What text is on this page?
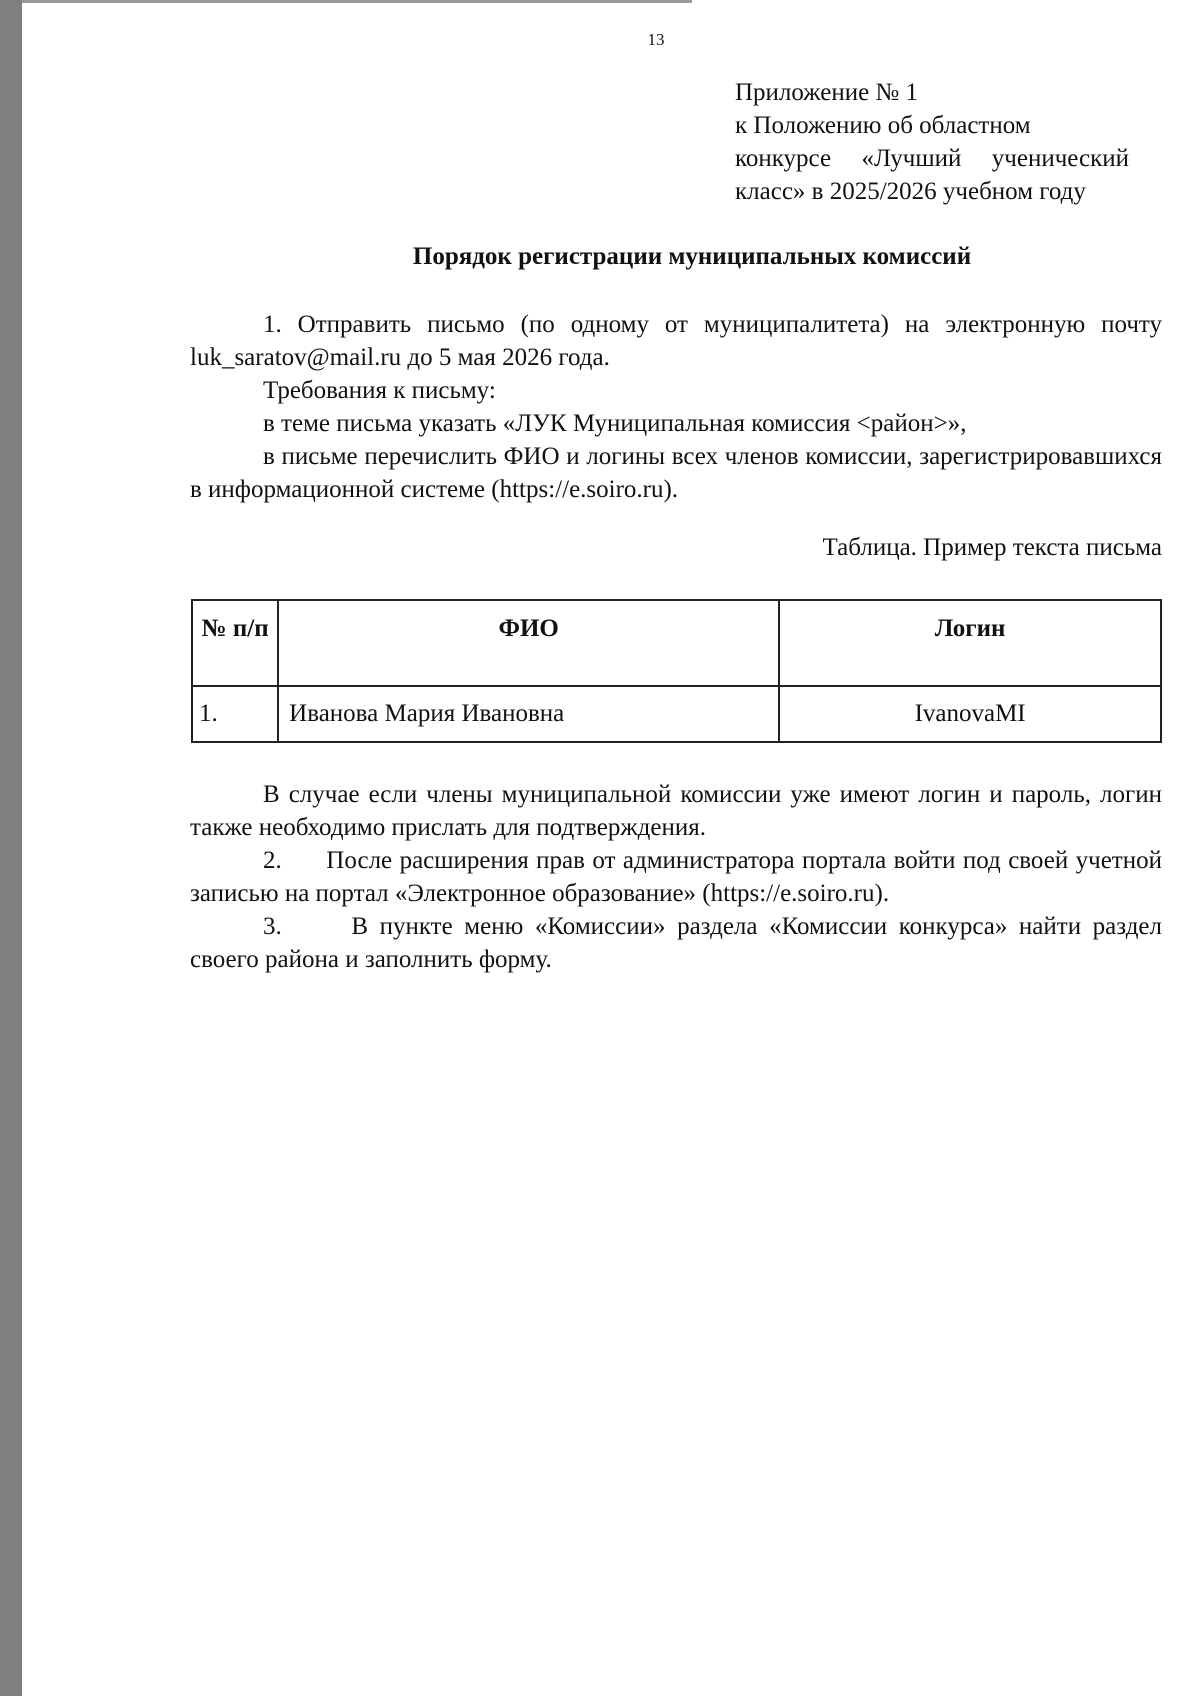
13
Приложение № 1
к Положению об областном
конкурсе «Лучший ученический
класс» в 2025/2026 учебном году
Порядок регистрации муниципальных комиссий

1. Отправить письмо (по одному от муниципалитета) на электронную почту luk_saratov@mail.ru до 5 мая 2026 года.

Требования к письму:

в теме письма указать «ЛУК Муниципальная комиссия <район>»,

в письме перечислить ФИО и логины всех членов комиссии, зарегистрировавшихся в информационной системе (https://e.soiro.ru).

Таблица. Пример текста письма
№ п/п	ФИО	Логин
1.	Иванова Мария Ивановна	IvanovaMI

В случае если члены муниципальной комиссии уже имеют логин и пароль, логин также необходимо прислать для подтверждения.

2.      После расширения прав от администратора портала войти под своей учетной записью на портал «Электронное образование» (https://e.soiro.ru).

3.      В пункте меню «Комиссии» раздела «Комиссии конкурса» найти раздел своего района и заполнить форму.
